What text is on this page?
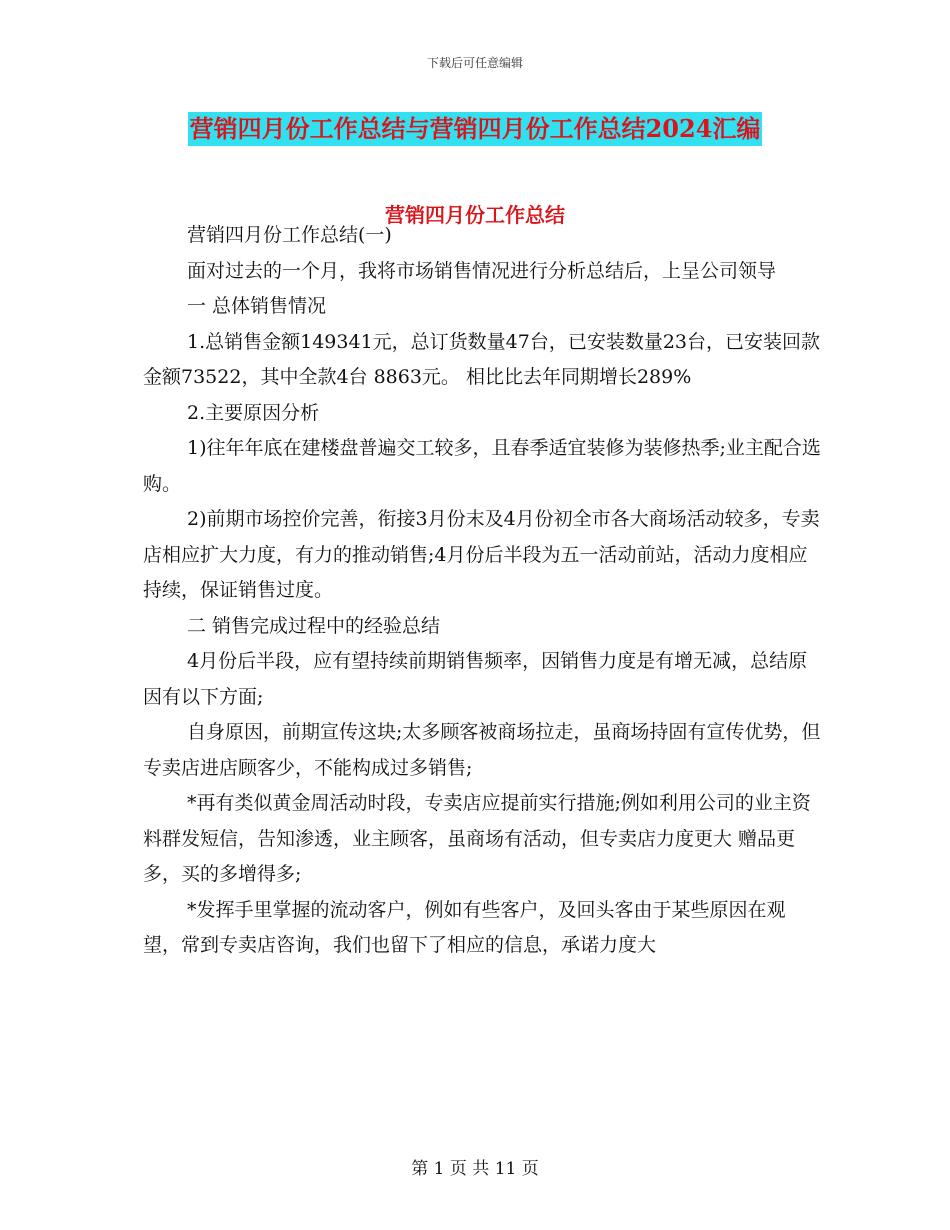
下载后可任意编辑
营销四月份工作总结与营销四月份工作总结2024汇编
营销四月份工作总结

营销四月份工作总结(一)

面对过去的一个月，我将市场销售情况进行分析总结后，上呈公司领导

一 总体销售情况

1.总销售金额149341元，总订货数量47台，已安装数量23台，已安装回款金额73522，其中全款4台 8863元。 相比比去年同期增长289%

2.主要原因分析

1)往年年底在建楼盘普遍交工较多，且春季适宜装修为装修热季;业主配合选购。

2)前期市场控价完善，衔接3月份末及4月份初全市各大商场活动较多，专卖店相应扩大力度，有力的推动销售;4月份后半段为五一活动前站，活动力度相应持续，保证销售过度。

二 销售完成过程中的经验总结

4月份后半段，应有望持续前期销售频率，因销售力度是有增无减，总结原因有以下方面;

自身原因，前期宣传这块;太多顾客被商场拉走，虽商场持固有宣传优势，但专卖店进店顾客少，不能构成过多销售;

*再有类似黄金周活动时段，专卖店应提前实行措施;例如利用公司的业主资料群发短信，告知渗透，业主顾客，虽商场有活动，但专卖店力度更大 赠品更多，买的多增得多;

*发挥手里掌握的流动客户，例如有些客户，及回头客由于某些原因在观望，常到专卖店咨询，我们也留下了相应的信息，承诺力度大

第 1 页 共 11 页
